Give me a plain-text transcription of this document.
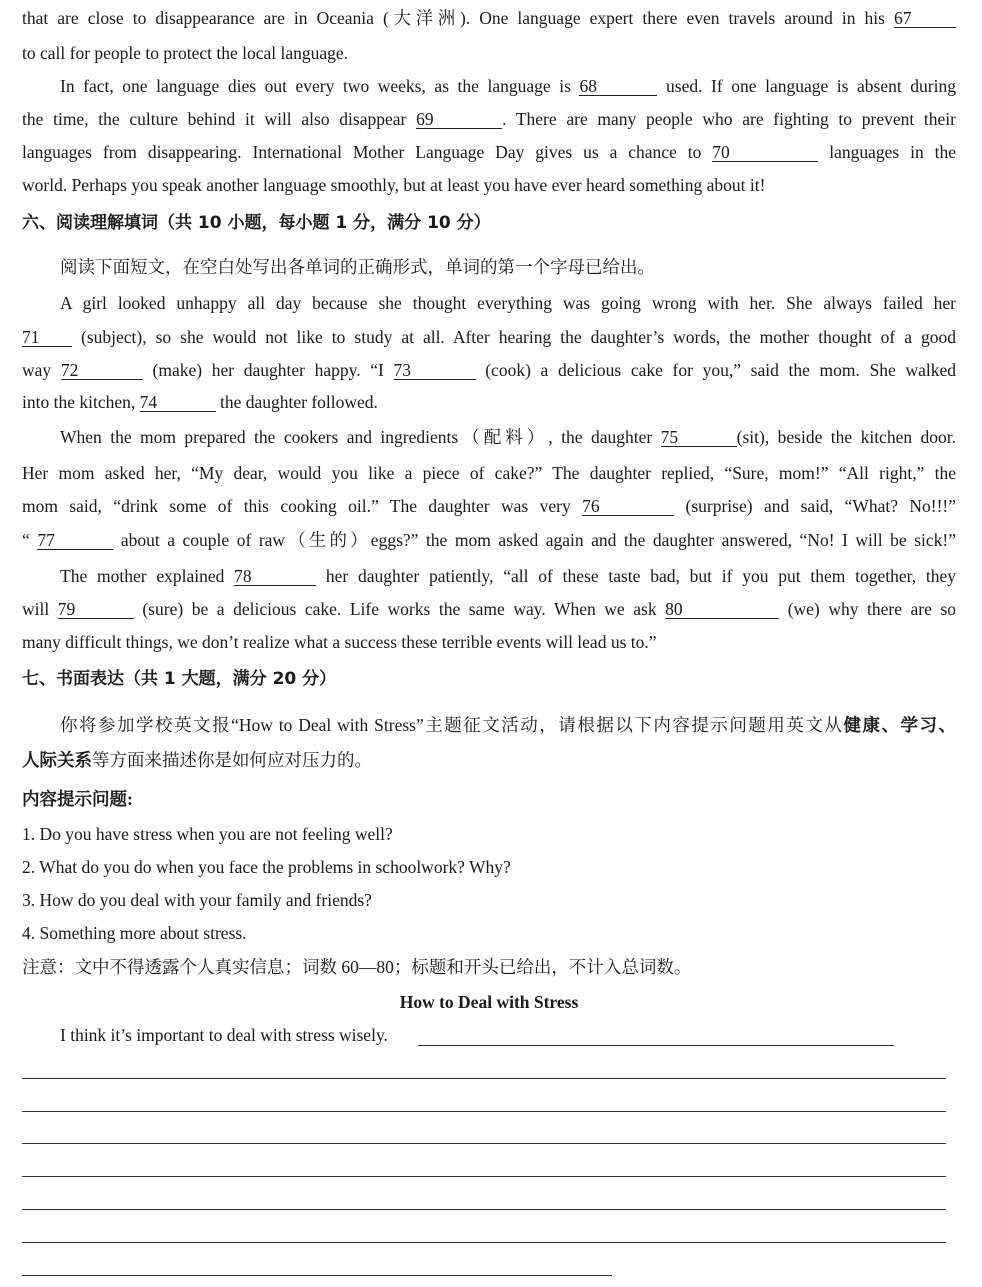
that are close to disappearance are in Oceania (大洋洲). One language expert there even travels around in his 67
to call for people to protect the local language.
In fact, one language dies out every two weeks, as the language is 68	used. If one language is absent during
the time, the culture behind it will also disappear 69	. There are many people who are fighting to prevent their
languages from disappearing. International Mother Language Day gives us a chance to 70	languages in the
world. Perhaps you speak another language smoothly, but at least you have ever heard something about it!
六、阅读理解填词（共 10 小题，每小题 1 分，满分 10 分）
阅读下面短文，在空白处写出各单词的正确形式，单词的第一个字母已给出。
A girl looked unhappy all day because she thought everything was going wrong with her. She always failed her
71 (subject), so she would not like to study at all. After hearing the daughter’s words, the mother thought of a good
way 72	(make) her daughter happy. “I 73	(cook) a delicious cake for you,” said the mom. She walked
into the kitchen, 74	the daughter followed.
When the mom prepared the cookers and ingredients（配料）, the daughter 75	(sit), beside the kitchen door.
Her mom asked her, “My dear, would you like a piece of cake?” The daughter replied, “Sure, mom!” “All right,” the
mom said, “drink some of this cooking oil.” The daughter was very 76	(surprise) and said, “What? No!!!”
“ 77	about a couple of raw（生的）eggs?” the mom asked again and the daughter answered, “No! I will be sick!”
The mother explained 78	her daughter patiently, “all of these taste bad, but if you put them together, they
will 79	(sure) be a delicious cake. Life works the same way. When we ask 80	(we) why there are so
many difficult things, we don’t realize what a success these terrible events will lead us to.”
七、书面表达（共 1 大题，满分 20 分）
你将参加学校英文报“How to Deal with Stress”主题征文活动，请根据以下内容提示问题用英文从健康、学习、
人际关系等方面来描述你是如何应对压力的。
内容提示问题:
1. Do you have stress when you are not feeling well?
2. What do you do when you face the problems in schoolwork? Why?
3. How do you deal with your family and friends?
4. Something more about stress.
注意：文中不得透露个人真实信息；词数 60—80；标题和开头已给出，不计入总词数。
How to Deal with Stress
I think it’s important to deal with stress wisely.
